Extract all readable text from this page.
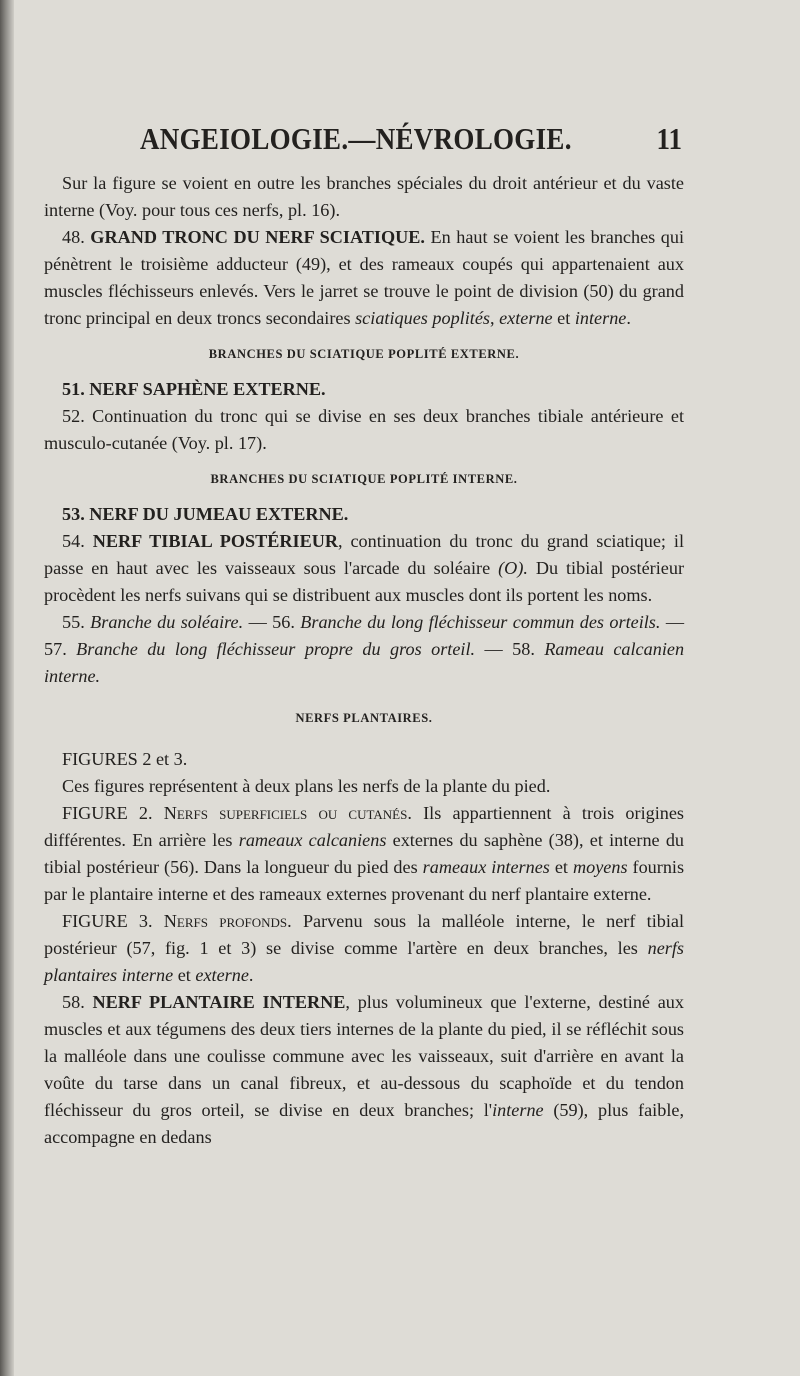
ANGEIOLOGIE.—NÉVROLOGIE.	11

Sur la figure se voient en outre les branches spéciales du droit antérieur et du vaste interne (Voy. pour tous ces nerfs, pl. 16).

48. GRAND TRONC DU NERF SCIATIQUE. En haut se voient les branches qui pénètrent le troisième adducteur (49), et des rameaux coupés qui appartenaient aux muscles fléchisseurs enlevés. Vers le jarret se trouve le point de division (50) du grand tronc principal en deux troncs secondaires sciatiques poplités, externe et interne.

BRANCHES DU SCIATIQUE POPLITÉ EXTERNE.

51. NERF SAPHÈNE EXTERNE.

52. Continuation du tronc qui se divise en ses deux branches tibiale antérieure et musculo-cutanée (Voy. pl. 17).

BRANCHES DU SCIATIQUE POPLITÉ INTERNE.

53. NERF DU JUMEAU EXTERNE.

54. NERF TIBIAL POSTÉRIEUR, continuation du tronc du grand sciatique; il passe en haut avec les vaisseaux sous l'arcade du soléaire (O). Du tibial postérieur procèdent les nerfs suivans qui se distribuent aux muscles dont ils portent les noms.

55. Branche du soléaire. — 56. Branche du long fléchisseur commun des orteils. — 57. Branche du long fléchisseur propre du gros orteil. — 58. Rameau calcanien interne.

NERFS PLANTAIRES.

FIGURES 2 et 3.

Ces figures représentent à deux plans les nerfs de la plante du pied.

FIGURE 2. Nerfs superficiels ou cutanés. Ils appartiennent à trois origines différentes. En arrière les rameaux calcaniens externes du saphène (38), et interne du tibial postérieur (56). Dans la longueur du pied des rameaux internes et moyens fournis par le plantaire interne et des rameaux externes provenant du nerf plantaire externe.

FIGURE 3. Nerfs profonds. Parvenu sous la malléole interne, le nerf tibial postérieur (57, fig. 1 et 3) se divise comme l'artère en deux branches, les nerfs plantaires interne et externe.

58. NERF PLANTAIRE INTERNE, plus volumineux que l'externe, destiné aux muscles et aux tégumens des deux tiers internes de la plante du pied, il se réfléchit sous la malléole dans une coulisse commune avec les vaisseaux, suit d'arrière en avant la voûte du tarse dans un canal fibreux, et au-dessous du scaphoïde et du tendon fléchisseur du gros orteil, se divise en deux branches; l'interne (59), plus faible, accompagne en dedans
